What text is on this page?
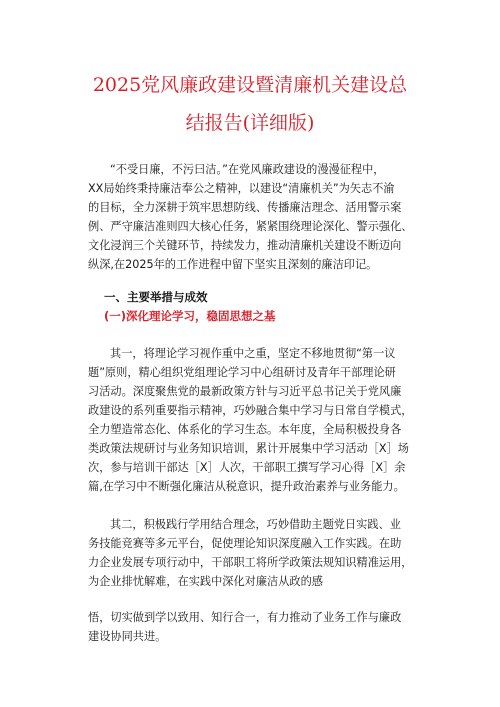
2025党风廉政建设暨清廉机关建设总
结报告(详细版)
“不受日廉，不污曰洁。”在党风廉政建设的漫漫征程中，
XX局始终秉持廉洁奉公之精神，以建设“清廉机关”为矢志不渝
的目标，全力深耕于筑牢思想防线、传播廉洁理念、活用警示案
例、严守廉洁准则四大核心任务，紧紧围绕理论深化、警示强化、
文化浸润三个关键环节，持续发力，推动清廉机关建设不断迈向
纵深,在2025年的工作进程中留下坚实且深刻的廉洁印记。

一、主要举措与成效

(一)深化理论学习，稳固思想之基

其一，将理论学习视作重中之重，坚定不移地贯彻“第一议
题”原则，精心组织党组理论学习中心组研讨及青年干部理论研
习活动。深度聚焦党的最新政策方针与习近平总书记关于党风廉
政建设的系列重要指示精神，巧妙融合集中学习与日常自学模式，
全力塑造常态化、体系化的学习生态。本年度，全局积极投身各
类政策法规研讨与业务知识培训，累计开展集中学习活动［X］场
次，参与培训干部达［X］人次，干部职工撰写学习心得［X］余
篇,在学习中不断强化廉洁从税意识，提升政治素养与业务能力。
其二，积极践行学用结合理念，巧妙借助主题党日实践、业
务技能竞赛等多元平台，促使理论知识深度融入工作实践。在助
力企业发展专项行动中，干部职工将所学政策法规知识精准运用，
为企业排忧解难，在实践中深化对廉洁从政的感
悟，切实做到学以致用、知行合一，有力推动了业务工作与廉政
建设协同共进。
